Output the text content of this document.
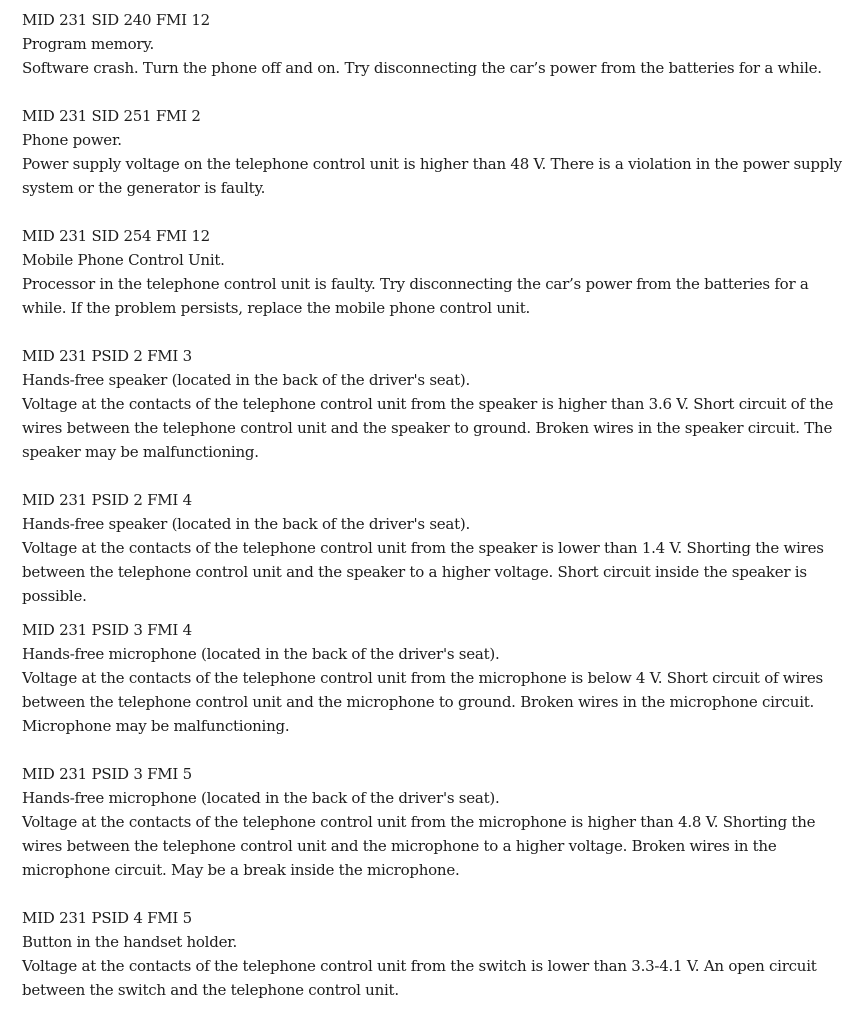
MID 231 SID 240 FMI 12
Program memory.
Software crash. Turn the phone off and on. Try disconnecting the car’s power from the batteries for a while.
MID 231 SID 251 FMI 2
Phone power.
Power supply voltage on the telephone control unit is higher than 48 V. There is a violation in the power supply system or the generator is faulty.
MID 231 SID 254 FMI 12
Mobile Phone Control Unit.
Processor in the telephone control unit is faulty. Try disconnecting the car’s power from the batteries for a while. If the problem persists, replace the mobile phone control unit.
MID 231 PSID 2 FMI 3
Hands-free speaker (located in the back of the driver's seat).
Voltage at the contacts of the telephone control unit from the speaker is higher than 3.6 V. Short circuit of the wires between the telephone control unit and the speaker to ground. Broken wires in the speaker circuit. The speaker may be malfunctioning.
MID 231 PSID 2 FMI 4
Hands-free speaker (located in the back of the driver's seat).
Voltage at the contacts of the telephone control unit from the speaker is lower than 1.4 V. Shorting the wires between the telephone control unit and the speaker to a higher voltage. Short circuit inside the speaker is possible.
MID 231 PSID 3 FMI 4
Hands-free microphone (located in the back of the driver's seat).
Voltage at the contacts of the telephone control unit from the microphone is below 4 V. Short circuit of wires between the telephone control unit and the microphone to ground. Broken wires in the microphone circuit. Microphone may be malfunctioning.
MID 231 PSID 3 FMI 5
Hands-free microphone (located in the back of the driver's seat).
Voltage at the contacts of the telephone control unit from the microphone is higher than 4.8 V. Shorting the wires between the telephone control unit and the microphone to a higher voltage. Broken wires in the microphone circuit. May be a break inside the microphone.
MID 231 PSID 4 FMI 5
Button in the handset holder.
Voltage at the contacts of the telephone control unit from the switch is lower than 3.3-4.1 V. An open circuit between the switch and the telephone control unit.
